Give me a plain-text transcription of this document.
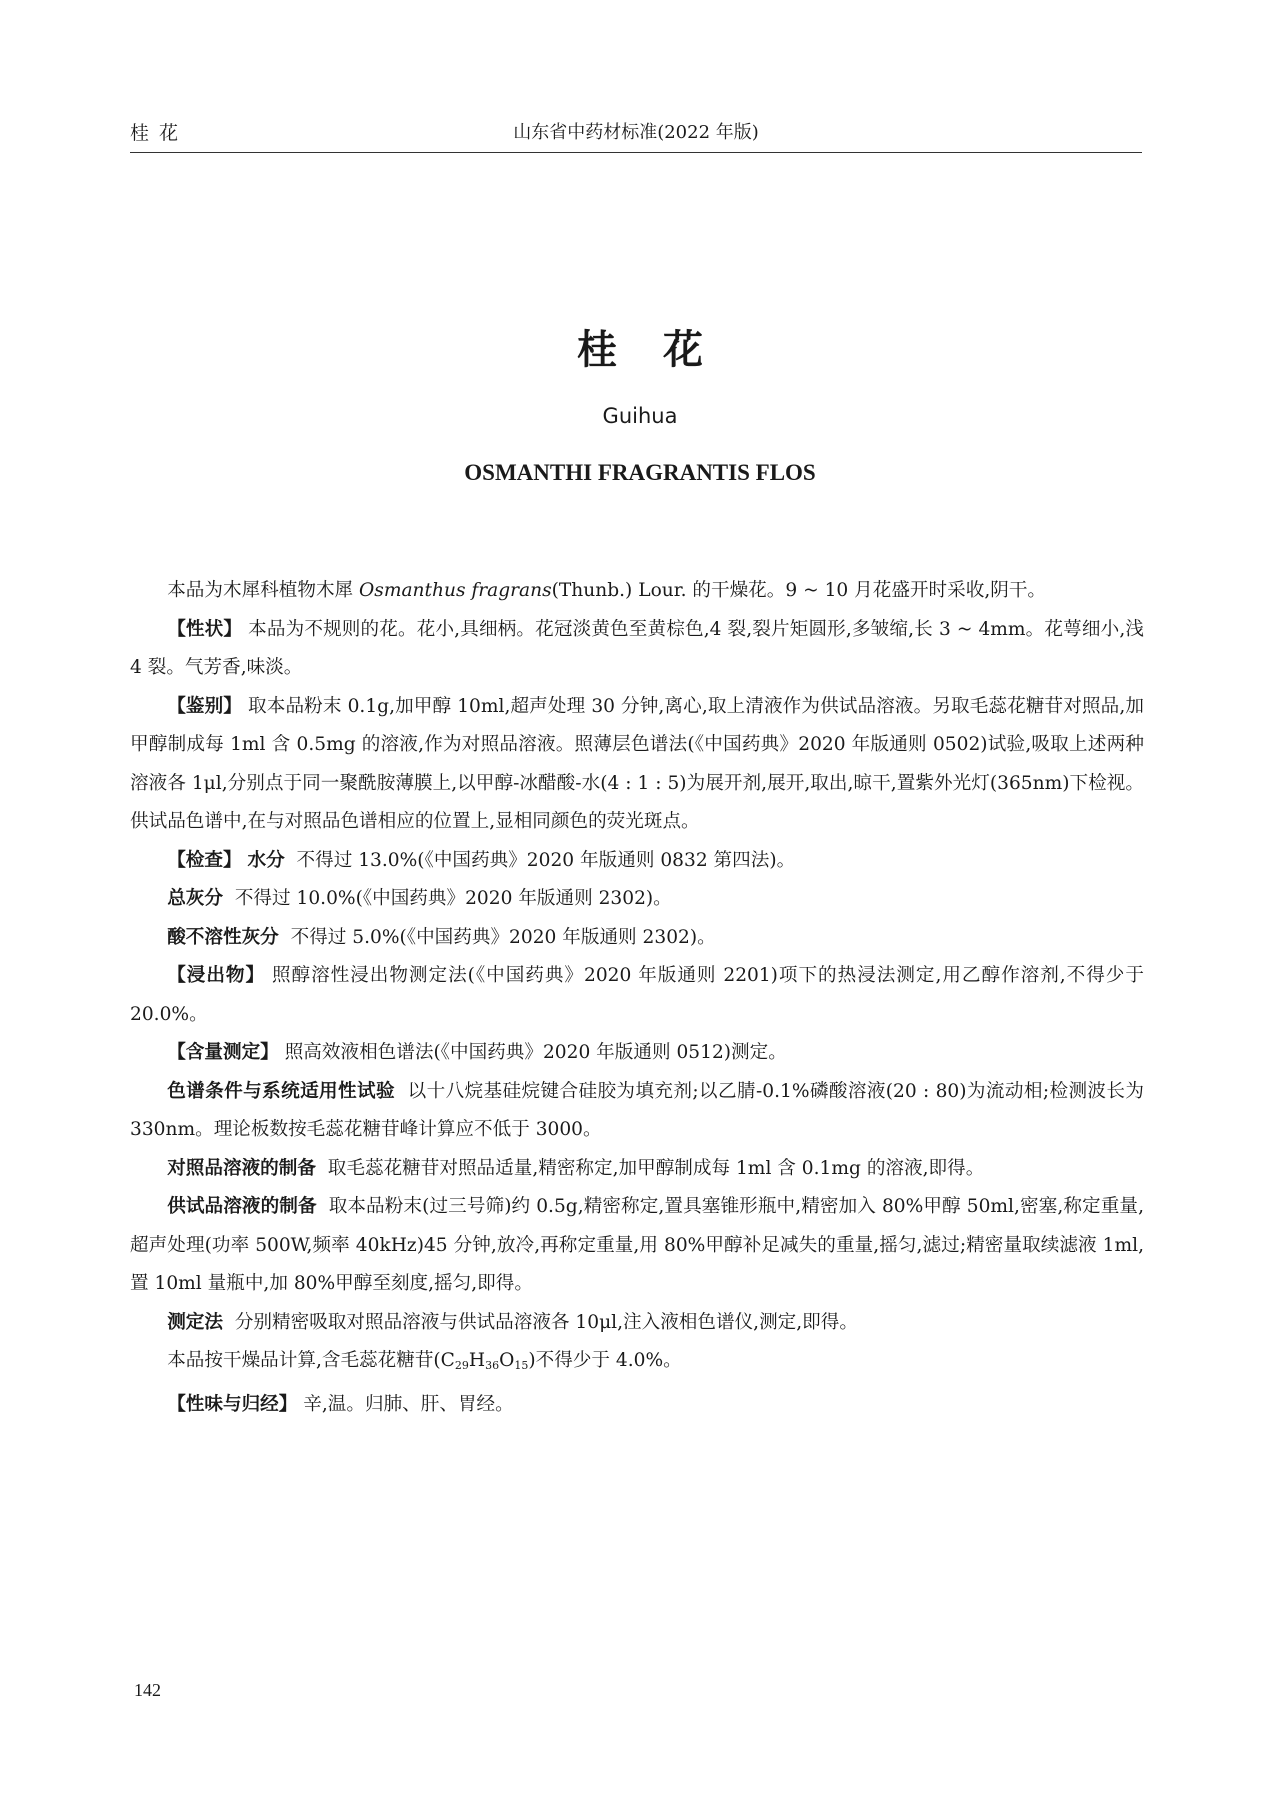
桂花	山东省中药材标准(2022 年版)
桂花
Guihua
OSMANTHI FRAGRANTIS FLOS

本品为木犀科植物木犀 Osmanthus fragrans(Thunb.) Lour. 的干燥花。9 ~ 10 月花盛开时采收,阴干。

【性状】 本品为不规则的花。花小,具细柄。花冠淡黄色至黄棕色,4 裂,裂片矩圆形,多皱缩,长 3 ~ 4mm。花萼细小,浅 4 裂。气芳香,味淡。

【鉴别】 取本品粉末 0.1g,加甲醇 10ml,超声处理 30 分钟,离心,取上清液作为供试品溶液。另取毛蕊花糖苷对照品,加甲醇制成每 1ml 含 0.5mg 的溶液,作为对照品溶液。照薄层色谱法(《中国药典》2020 年版通则 0502)试验,吸取上述两种溶液各 1μl,分别点于同一聚酰胺薄膜上,以甲醇-冰醋酸-水(4 : 1 : 5)为展开剂,展开,取出,晾干,置紫外光灯(365nm)下检视。供试品色谱中,在与对照品色谱相应的位置上,显相同颜色的荧光斑点。

【检查】 水分 不得过 13.0%(《中国药典》2020 年版通则 0832 第四法)。

总灰分 不得过 10.0%(《中国药典》2020 年版通则 2302)。

酸不溶性灰分 不得过 5.0%(《中国药典》2020 年版通则 2302)。

【浸出物】 照醇溶性浸出物测定法(《中国药典》2020 年版通则 2201)项下的热浸法测定,用乙醇作溶剂,不得少于 20.0%。

【含量测定】 照高效液相色谱法(《中国药典》2020 年版通则 0512)测定。

色谱条件与系统适用性试验 以十八烷基硅烷键合硅胶为填充剂;以乙腈-0.1%磷酸溶液(20 : 80)为流动相;检测波长为 330nm。理论板数按毛蕊花糖苷峰计算应不低于 3000。

对照品溶液的制备 取毛蕊花糖苷对照品适量,精密称定,加甲醇制成每 1ml 含 0.1mg 的溶液,即得。

供试品溶液的制备 取本品粉末(过三号筛)约 0.5g,精密称定,置具塞锥形瓶中,精密加入 80%甲醇 50ml,密塞,称定重量,超声处理(功率 500W,频率 40kHz)45 分钟,放冷,再称定重量,用 80%甲醇补足减失的重量,摇匀,滤过;精密量取续滤液 1ml,置 10ml 量瓶中,加 80%甲醇至刻度,摇匀,即得。

测定法 分别精密吸取对照品溶液与供试品溶液各 10μl,注入液相色谱仪,测定,即得。

本品按干燥品计算,含毛蕊花糖苷$(C_{29}H_{36}O_{15})$不得少于 4.0%。

【性味与归经】 辛,温。归肺、肝、胃经。

142
